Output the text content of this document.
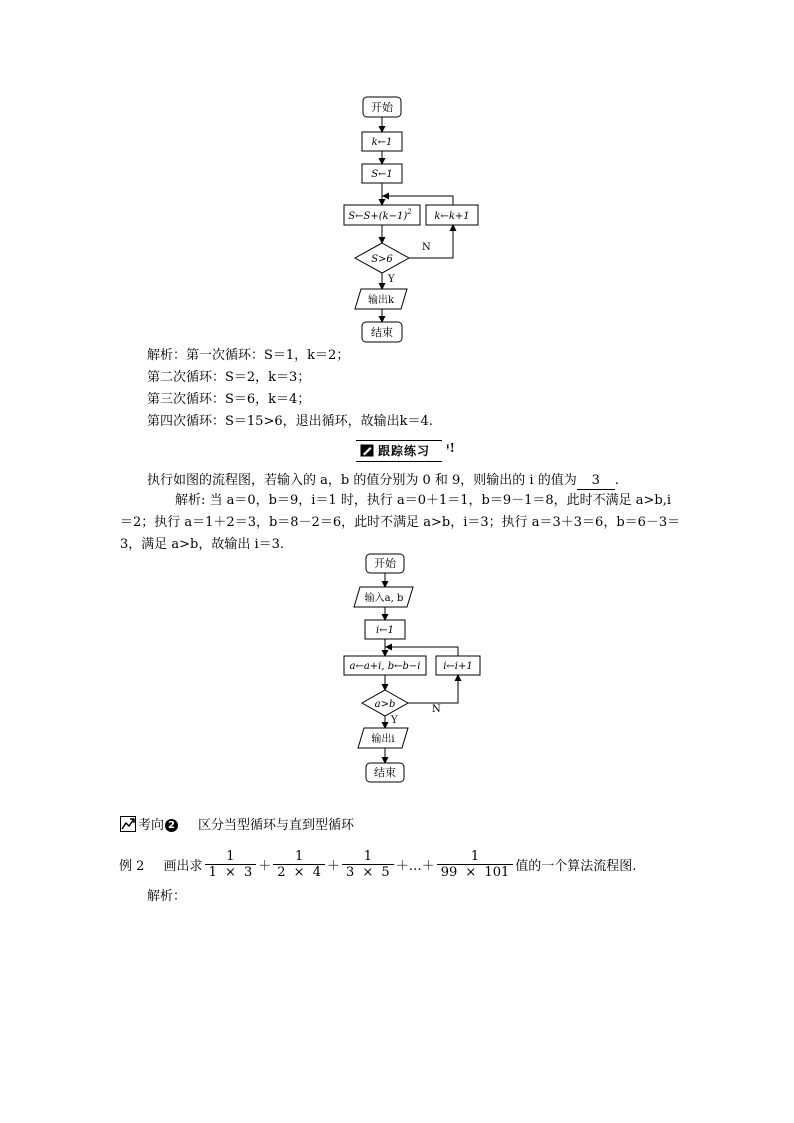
开始
k←1
S←1
$S\leftarrow S+(k-1)^2$ k←k+1
S>6
N
Y
输出k
结束
开始
输入a, b
i←1
a←a+i, b←b−i i←i+1
a>b	N
Y
输出i
结束
解析：第一次循环：S＝1，k＝2；
第二次循环：S＝2，k＝3；
第三次循环：S＝6，k＝4；
第四次循环：S＝15>6，退出循环，故输出k＝4.
跟踪练习 ᵎ!
执行如图的流程图，若输入的 a，b 的值分别为 0 和 9，则输出的 i 的值为 3 .
解析: 当 a＝0，b＝9，i＝1 时，执行 a＝0＋1＝1，b＝9－1＝8，此时不满足 a>b,i
＝2；执行 a＝1＋2＝3，b＝8－2＝6，此时不满足 a>b，i＝3；执行 a＝3＋3＝6，b＝6－3＝
3，满足 a>b，故输出 i＝3.
考向 2 区分当型循环与直到型循环
例 2 画出求 $\frac{1}{1 \times 3} + \frac{1}{2 \times 4} + \frac{1}{3 \times 5}$ ＋…＋ $\frac{1}{99 \times 101}$ 值的一个算法流程图.
解析：
